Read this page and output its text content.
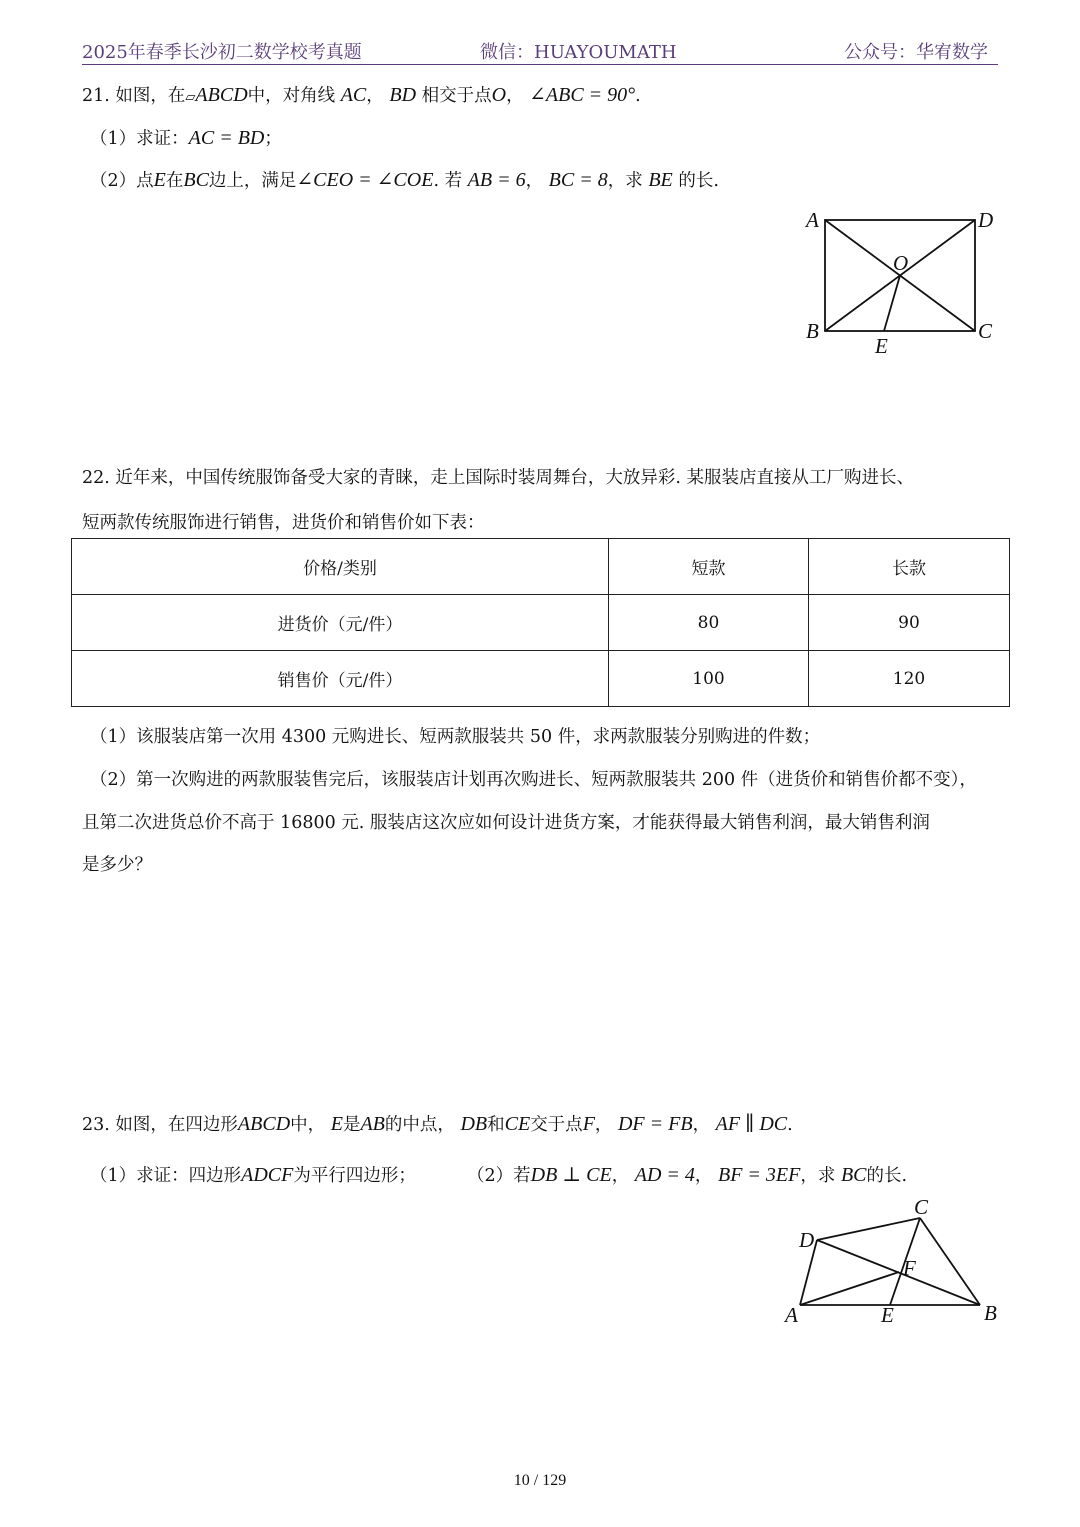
2025年春季长沙初二数学校考真题	微信：HUAYOUMATH	公众号：华宥数学
21. 如图，在▱ABCD中，对角线 AC， BD 相交于点O， ∠ABC = 90°.
（1）求证：AC = BD；
（2）点E在BC边上，满足∠CEO = ∠COE. 若 AB = 6， BC = 8，求 BE 的长.
A	D
O
B	C
E
22. 近年来，中国传统服饰备受大家的青睐，走上国际时装周舞台，大放异彩. 某服装店直接从工厂购进长、
短两款传统服饰进行销售，进货价和销售价如下表：
价格/类别	短款	长款
进货价（元/件）	80	90
销售价（元/件）	100	120
（1）该服装店第一次用 4300 元购进长、短两款服装共 50 件，求两款服装分别购进的件数；
（2）第一次购进的两款服装售完后，该服装店计划再次购进长、短两款服装共 200 件（进货价和销售价都不变），
且第二次进货总价不高于 16800 元. 服装店这次应如何设计进货方案，才能获得最大销售利润，最大销售利润
是多少？
23. 如图，在四边形ABCD中， E是AB的中点， DB和CE交于点F， DF = FB， AF ∥ DC.
（1）求证：四边形ADCF为平行四边形；	（2）若DB ⊥ CE， AD = 4， BF = 3EF，求 BC的长.
C
D
F
A	E	B
10 / 129
